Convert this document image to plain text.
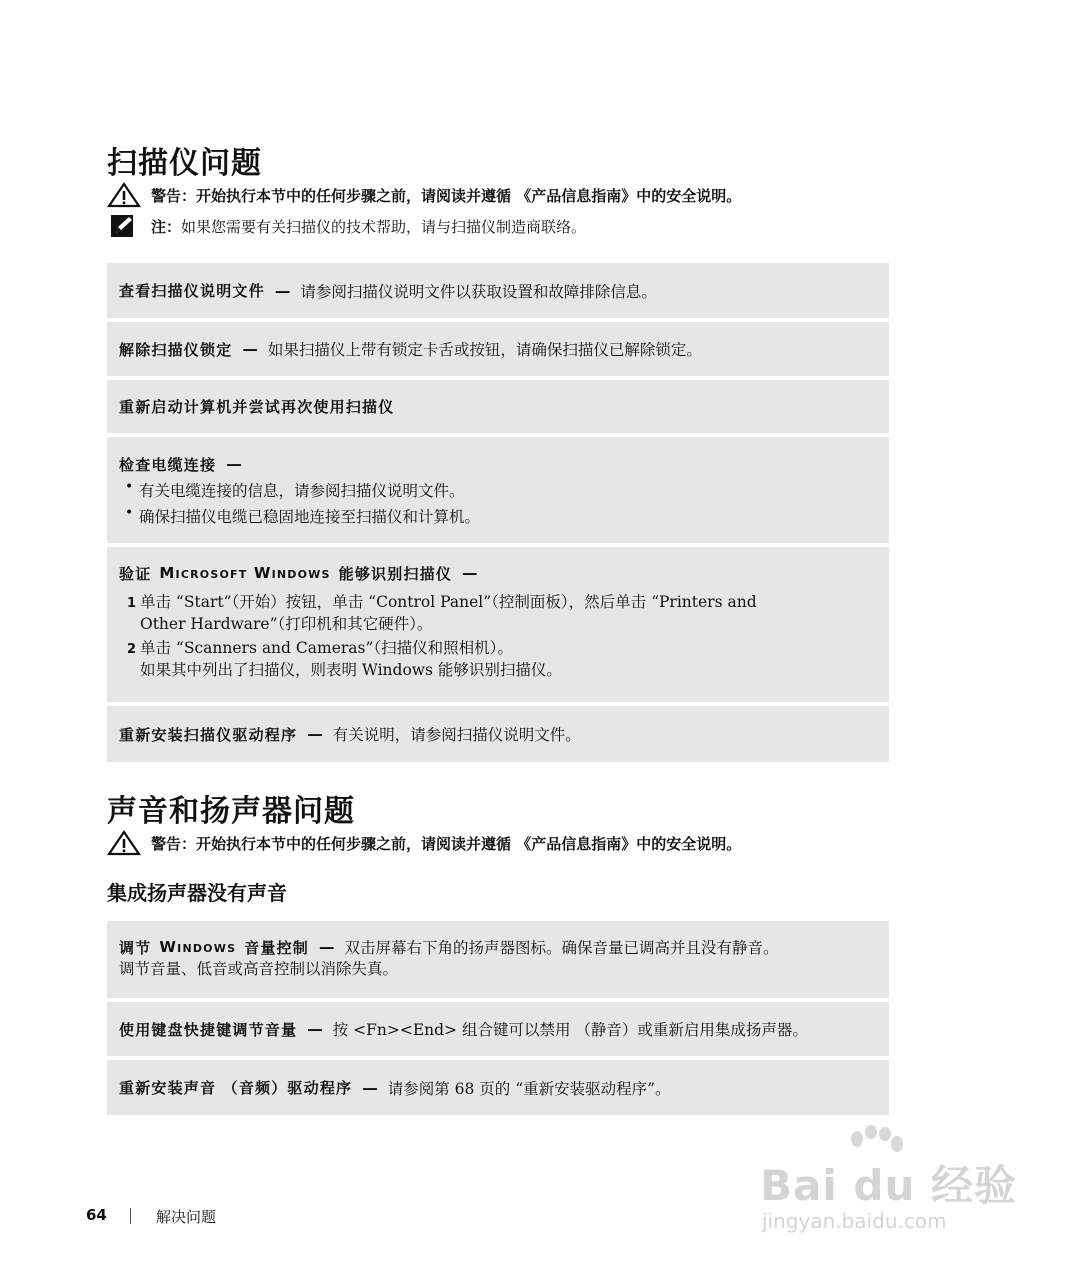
扫描仪问题
警告： 开始执行本节中的任何步骤之前，请阅读并遵循 《产品信息指南》中的安全说明。
注： 如果您需要有关扫描仪的技术帮助，请与扫描仪制造商联络。
查看扫描仪说明文件 — 请参阅扫描仪说明文件以获取设置和故障排除信息。
解除扫描仪锁定 — 如果扫描仪上带有锁定卡舌或按钮，请确保扫描仪已解除锁定。
重新启动计算机并尝试再次使用扫描仪
检查电缆连接 —
• 有关电缆连接的信息，请参阅扫描仪说明文件。
• 确保扫描仪电缆已稳固地连接至扫描仪和计算机。
验证 Microsoft Windows 能够识别扫描仪 —
1 单击 “Start”（开始）按钮，单击 “Control Panel”（控制面板），然后单击 “Printers and
Other Hardware”（打印机和其它硬件）。
2 单击 “Scanners and Cameras”（扫描仪和照相机）。
如果其中列出了扫描仪，则表明 Windows 能够识别扫描仪。
重新安装扫描仪驱动程序 — 有关说明，请参阅扫描仪说明文件。
声音和扬声器问题
警告： 开始执行本节中的任何步骤之前，请阅读并遵循 《产品信息指南》中的安全说明。
集成扬声器没有声音
调节 Windows 音量控制 — 双击屏幕右下角的扬声器图标。确保音量已调高并且没有静音。
调节音量、低音或高音控制以消除失真。
使用键盘快捷键调节音量 — 按 <Fn><End> 组合键可以禁用 （静音）或重新启用集成扬声器。
重新安装声音 （音频）驱动程序 — 请参阅第 68 页的 “重新安装驱动程序”。
64	解决问题
Bai du 经验
jingyan.baidu.com
